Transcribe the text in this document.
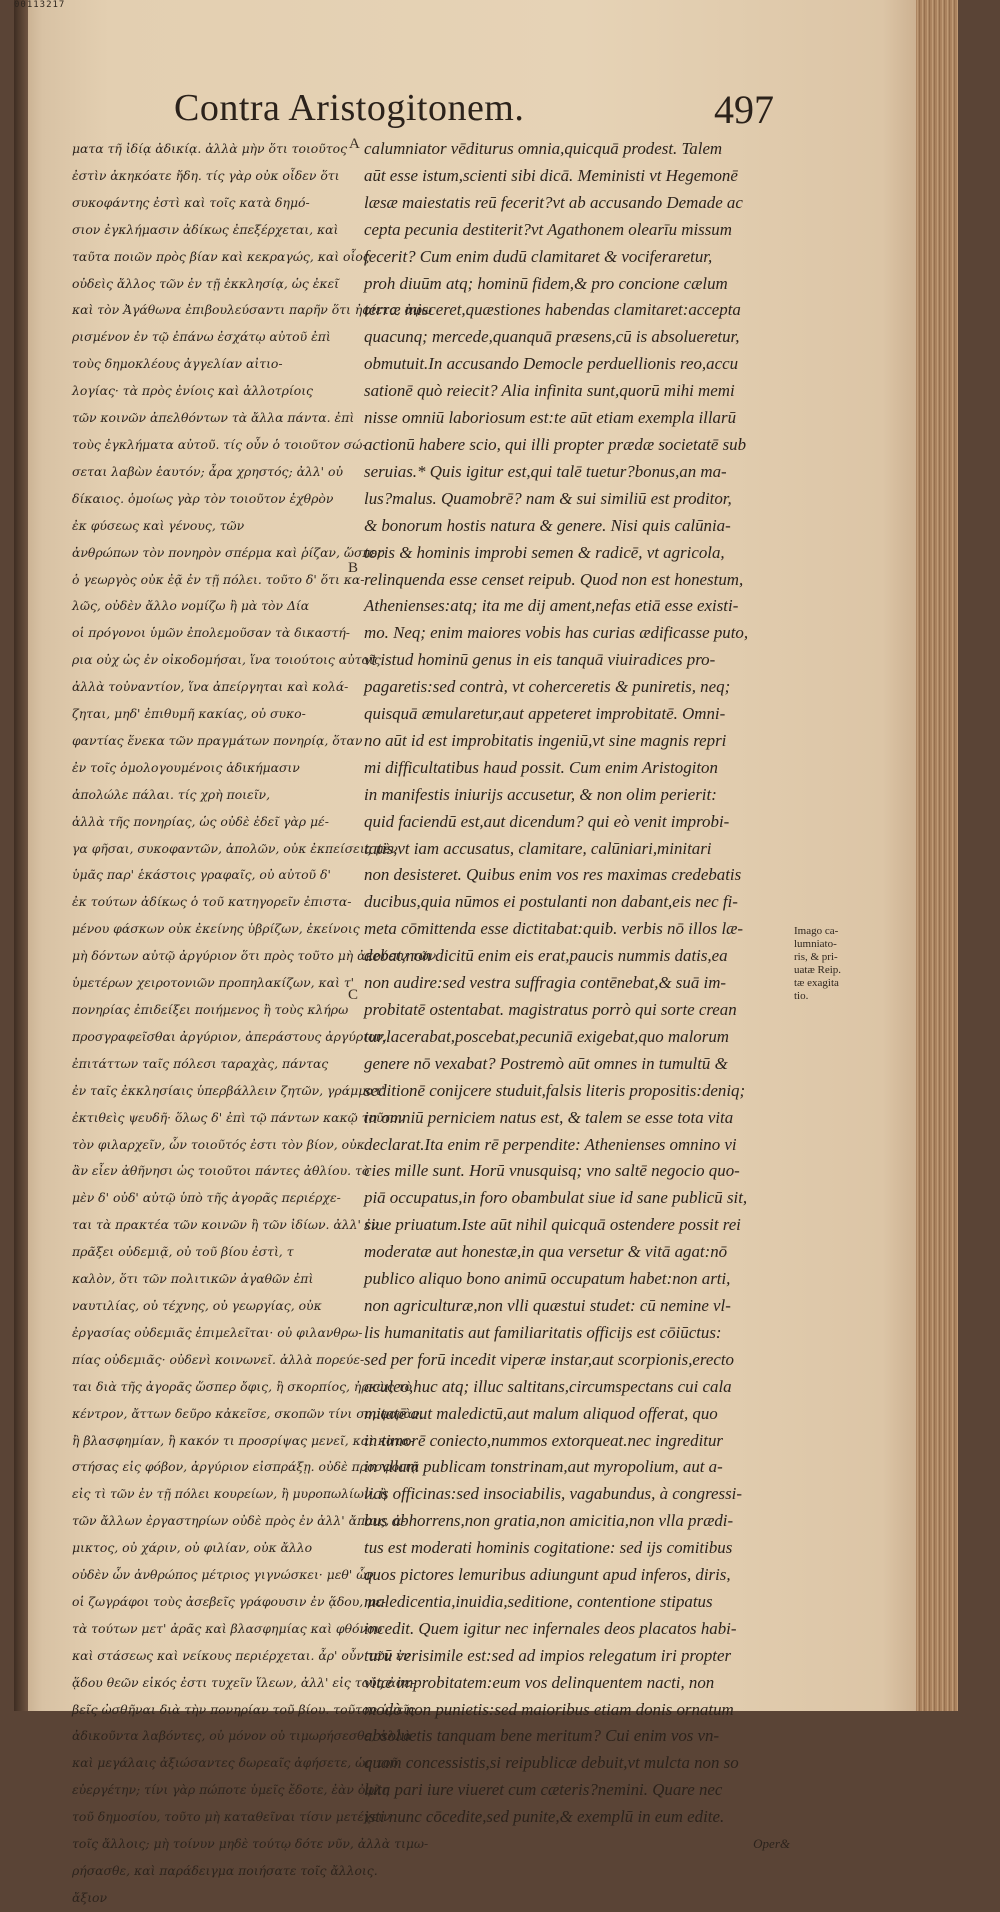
00113217
Contra Aristogitonem.	497
ματα τῆ ἰδίᾳ ἀδικίᾳ. ἀλλὰ μὴν ὅτι τοιοῦτος
ἐστὶν ἀκηκόατε ἤδη. τίς γὰρ οὐκ οἶδεν ὅτι
συκοφάντης ἐστὶ καὶ τοῖς κατὰ δημό-
σιον ἐγκλήμασιν ἀδίκως ἐπεξέρχεται, καὶ
ταῦτα ποιῶν πρὸς βίαν καὶ κεκραγώς, καὶ οἷος
οὐδεὶς ἄλλος τῶν ἐν τῇ ἐκκλησίᾳ, ὡς ἐκεῖ
καὶ τὸν Ἀγάθωνα ἐπιβουλεύσαντι παρῆν ὅτι ἠφίετο, ἀφω
ρισμένον ἐν τῷ ἐπάνω ἐσχάτῳ αὐτοῦ ἐπὶ
τοὺς δημοκλέους ἀγγελίαν αἰτιο-
λογίας· τὰ πρὸς ἐνίοις καὶ ἀλλοτρίοις
τῶν κοινῶν ἀπελθόντων τὰ ἄλλα πάντα. ἐπὶ
τοὺς ἐγκλήματα αὐτοῦ. τίς οὖν ὁ τοιοῦτον σώ-
σεται λαβὼν ἑαυτόν; ἆρα χρηστός; ἀλλ' οὐ
δίκαιος. ὁμοίως γὰρ τὸν τοιοῦτον ἐχθρὸν
ἐκ φύσεως καὶ γένους, τῶν
ἀνθρώπων τὸν πονηρὸν σπέρμα καὶ ῥίζαν, ὥσπερ
ὁ γεωργὸς οὐκ ἐᾷ ἐν τῇ πόλει. τοῦτο δ' ὅτι κα-
λῶς, οὐδὲν ἄλλο νομίζω ἢ μὰ τὸν Δία
οἱ πρόγονοι ὑμῶν ἐπολεμοῦσαν τὰ δικαστή-
ρια οὐχ ὡς ἐν οἰκοδομήσαι, ἵνα τοιούτοις αὐτοῖς
ἀλλὰ τοὐναντίον, ἵνα ἀπείργηται καὶ κολά-
ζηται, μηδ' ἐπιθυμῆ κακίας, οὐ συκο-
φαντίας ἕνεκα τῶν πραγμάτων πονηρίᾳ, ὅταν
ἐν τοῖς ὁμολογουμένοις ἀδικήμασιν
ἀπολώλε πάλαι. τίς χρὴ ποιεῖν,
ἀλλὰ τῆς πονηρίας, ὡς οὐδὲ ἐδεῖ γὰρ μέ-
γα φῆσαι, συκοφαντῶν, ἀπολῶν, οὐκ ἐκπείσεις μὲν
ὑμᾶς παρ' ἑκάστοις γραφαῖς, οὐ αὐτοῦ δ'
ἐκ τούτων ἀδίκως ὁ τοῦ κατηγορεῖν ἐπιστα-
μένου φάσκων οὐκ ἐκείνης ὑβρίζων, ἐκείνοις
μὴ δόντων αὐτῷ ἀργύριον ὅτι πρὸς τοῦτο μὴ ἀκούειν τῶν
ὑμετέρων χειροτονιῶν προπηλακίζων, καὶ τ'
πονηρίας ἐπιδείξει ποιήμενος ἢ τοὺς κλήρω
προσγραφεῖσθαι ἀργύριον, ἀπεράστους ἀργύριον,
ἐπιτάττων ταῖς πόλεσι ταραχὰς, πάντας
ἐν ταῖς ἐκκλησίαις ὑπερβάλλειν ζητῶν, γράμματ'
ἐκτιθεὶς ψευδῆ· ὅλως δ' ἐπὶ τῷ πάντων κακῷ τοῦτον
τὸν φιλαρχεῖν, ὧν τοιοῦτός ἐστι τὸν βίον, οὐκ
ἂν εἶεν ἀθῆνησι ὡς τοιοῦτοι πάντες ἀθλίου. τὸ
μὲν δ' οὐδ' αὐτῷ ὑπὸ τῆς ἀγορᾶς περιέρχε-
ται τὰ πρακτέα τῶν κοινῶν ἢ τῶν ἰδίων. ἀλλ' ἐν
πρᾶξει οὐδεμιᾷ, οὐ τοῦ βίου ἐστὶ, τ
καλὸν, ὅτι τῶν πολιτικῶν ἀγαθῶν ἐπὶ
ναυτιλίας, οὐ τέχνης, οὐ γεωργίας, οὐκ
ἐργασίας οὐδεμιᾶς ἐπιμελεῖται· οὐ φιλανθρω-
πίας οὐδεμιᾶς· οὐδενὶ κοινωνεῖ. ἀλλὰ πορεύε-
ται διὰ τῆς ἀγορᾶς ὥσπερ ὄφις, ἢ σκορπίος, ἠρκὼς τὸ
κέντρον, ἄττων δεῦρο κἀκεῖσε, σκοπῶν τίνι συμφορὰν,
ἢ βλασφημίαν, ἢ κακόν τι προσρίψας μενεῖ, καὶ κατα-
στήσας εἰς φόβον, ἀργύριον εἰσπράξῃ. οὐδὲ προσφοιτᾷ
εἰς τὶ τῶν ἐν τῇ πόλει κουρείων, ἢ μυροπωλίων, ἢ
τῶν ἄλλων ἐργαστηρίων οὐδὲ πρὸς ἐν ἀλλ' ἄπαις, ἀ-
μικτος, οὐ χάριν, οὐ φιλίαν, οὐκ ἄλλο
οὐδὲν ὧν ἀνθρώπος μέτριος γιγνώσκει· μεθ' ὧν
οἱ ζωγράφοι τοὺς ἀσεβεῖς γράφουσιν ἐν ᾅδου, με-
τὰ τούτων μετ' ἀρᾶς καὶ βλασφημίας καὶ φθόνου
καὶ στάσεως καὶ νείκους περιέρχεται. ἆρ' οὖν τῶν ἐν
ᾅδου θεῶν εἰκός ἐστι τυχεῖν ἵλεων, ἀλλ' εἰς τοὺς ἀσε-
βεῖς ὠσθῆναι διὰ τὴν πονηρίαν τοῦ βίου. τοῦτον ὑμεῖς
ἀδικοῦντα λαβόντες, οὐ μόνον οὐ τιμωρήσεσθε, ἀλλὰ
καὶ μεγάλαις ἀξιώσαντες δωρεαῖς ἀφήσετε, ὡς τοῦ
εὐεργέτην; τίνι γὰρ πώποτε ὑμεῖς ἔδοτε, ἐὰν ὀφλη
τοῦ δημοσίου, τοῦτο μὴ καταθεῖναι τίσιν μετέχειν
τοῖς ἄλλοις; μὴ τοίνυν μηδὲ τούτῳ δότε νῦν, ἀλλὰ τιμω-
ρήσασθε, καὶ παράδειγμα ποιήσατε τοῖς ἄλλοις.
ἄξιον
A
B
C
calumniator vēditurus omnia,quicquā prodest. Talem
aūt esse istum,scienti sibi dicā. Meministi vt Hegemonē
læsæ maiestatis reū fecerit?vt ab accusando Demade ac
cepta pecunia destiterit?vt Agathonem olearīu missum
fecerit? Cum enim dudū clamitaret & vociferaretur,
proh diuūm atq; hominū fidem,& pro concione cælum
terræ misceret,quæstiones habendas clamitaret:accepta
quacunq; mercede,quanquā præsens,cū is absolueretur,
obmutuit.In accusando Democle perduellionis reo,accu
sationē quò reiecit? Alia infinita sunt,quorū mihi memi
nisse omniū laboriosum est:te aūt etiam exempla illarū
actionū habere scio, qui illi propter prædæ societatē sub
seruias.* Quis igitur est,qui talē tuetur?bonus,an ma-
lus?malus. Quamobrē? nam & sui similiū est proditor,
& bonorum hostis natura & genere. Nisi quis calūnia-
toris & hominis improbi semen & radicē, vt agricola,
relinquenda esse censet reipub. Quod non est honestum,
Athenienses:atq; ita me dij ament,nefas etiā esse existi-
mo. Neq; enim maiores vobis has curias ædificasse puto,
vt istud hominū genus in eis tanquā viuiradices pro-
pagaretis:sed contrà, vt coherceretis & puniretis, neq;
quisquā æmularetur,aut appeteret improbitatē. Omni-
no aūt id est improbitatis ingeniū,vt sine magnis repri
mi difficultatibus haud possit. Cum enim Aristogiton
in manifestis iniurijs accusetur, & non olim perierit:
quid faciendū est,aut dicendum? qui eò venit improbi-
tatis,vt iam accusatus, clamitare, calūniari,minitari
non desisteret. Quibus enim vos res maximas credebatis
ducibus,quia nūmos ei postulanti non dabant,eis nec fi-
meta cōmittenda esse dictitabat:quib. verbis nō illos læ-
debat,non dicitū enim eis erat,paucis nummis datis,ea
non audire:sed vestra suffragia contēnebat,& suā im-
probitatē ostentabat. magistratus porrò qui sorte crean
tur,lacerabat,poscebat,pecuniā exigebat,quo malorum
genere nō vexabat? Postremò aūt omnes in tumultū &
seditionē conijcere studuit,falsis literis propositis:deniq;
in omniū perniciem natus est, & talem se esse tota vita
declarat.Ita enim rē perpendite: Athenienses omnino vi
cies mille sunt. Horū vnusquisq; vno saltē negocio quo-
piā occupatus,in foro obambulat siue id sane publicū sit,
siue priuatum.Iste aūt nihil quicquā ostendere possit rei
moderatæ aut honestæ,in qua versetur & vitā agat:nō
publico aliquo bono animū occupatum habet:non arti,
non agriculturæ,non vlli quæstui studet: cū nemine vl-
lis humanitatis aut familiaritatis officijs est cōiūctus:
sed per forū incedit viperæ instar,aut scorpionis,erecto
aculeo,huc atq; illuc saltitans,circumspectans cui cala
mitatē aut maledictū,aut malum aliquod offerat, quo
in timorē coniecto,nummos extorqueat.nec ingreditur
in vllam publicam tonstrinam,aut myropolium, aut a-
lias officinas:sed insociabilis, vagabundus, à congressi-
bus abhorrens,non gratia,non amicitia,non vlla prædi-
tus est moderati hominis cogitatione: sed ijs comitibus
quos pictores lemuribus adiungunt apud inferos, diris,
maledicentia,inuidia,seditione, contentione stipatus
incedit. Quem igitur nec infernales deos placatos habi-
turū verisimile est:sed ad impios relegatum iri propter
vitæ improbitatem:eum vos delinquentem nacti, non
modò non punietis:sed maioribus etiam donis ornatum
absoluetis tanquam bene meritum? Cui enim vos vn-
quam concessistis,si reipublicæ debuit,vt mulcta non so
luta pari iure viueret cum cæteris?nemini. Quare nec
isti nunc cōcedite,sed punite,& exemplū in eum edite.
Oper&
Imago ca-
lumniato-
ris, & pri-
uatæ Reip.
tæ exagita
tio.
